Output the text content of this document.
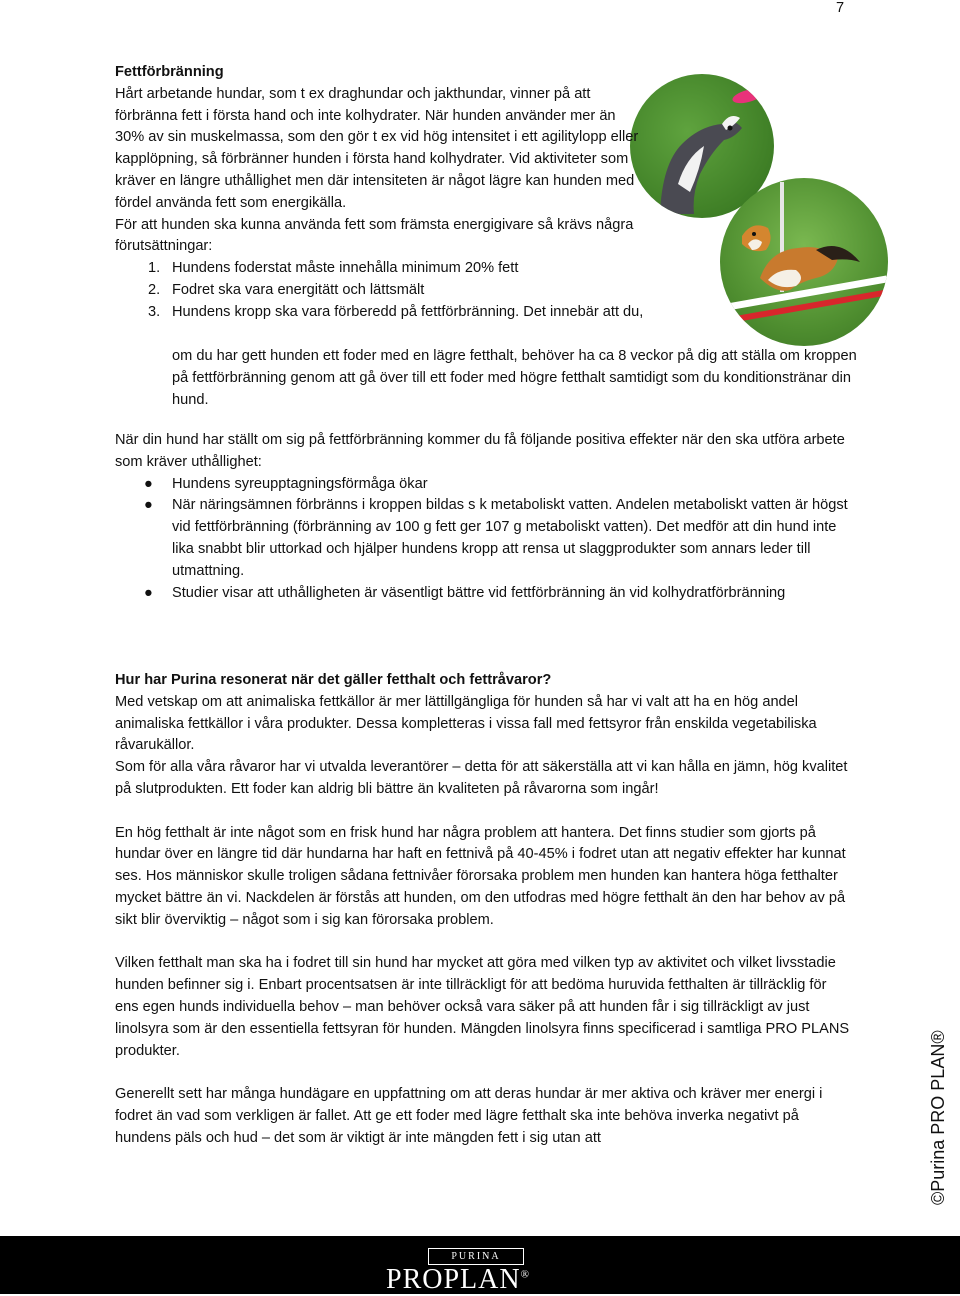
7
Fettförbränning

Hårt arbetande hundar, som t ex draghundar och jakthundar, vinner på att förbränna fett i första hand och inte kolhydrater. När hunden använder mer än 30% av sin muskelmassa, som den gör t ex vid hög intensitet i ett agilitylopp eller kapplöpning, så förbränner hunden i första hand kolhydrater. Vid aktiviteter som kräver en längre uthållighet men där intensiteten är något lägre kan hunden med fördel använda fett som energikälla.

För att hunden ska kunna använda fett som främsta energigivare så krävs några förutsättningar:

1. Hundens foderstat måste innehålla minimum 20% fett
2. Fodret ska vara energitätt och lättsmält
3. Hundens kropp ska vara förberedd på fettförbränning. Det innebär att du,

om du har gett hunden ett foder med en lägre fetthalt, behöver ha ca 8 veckor på dig att ställa om kroppen på fettförbränning genom att gå över till ett foder med högre fetthalt samtidigt som du konditionstränar din hund.

När din hund har ställt om sig på fettförbränning kommer du få följande positiva effekter när den ska utföra arbete som kräver uthållighet:

● Hundens syreupptagningsförmåga ökar
● När näringsämnen förbränns i kroppen bildas s k metaboliskt vatten. Andelen metaboliskt vatten är högst vid fettförbränning (förbränning av 100 g fett ger 107 g metaboliskt vatten). Det medför att din hund inte lika snabbt blir uttorkad och hjälper hundens kropp att rensa ut slaggprodukter som annars leder till utmattning.
● Studier visar att uthålligheten är väsentligt bättre vid fettförbränning än vid kolhydratförbränning
Hur har Purina resonerat när det gäller fetthalt och fettråvaror?

Med vetskap om att animaliska fettkällor är mer lättillgängliga för hunden så har vi valt att ha en hög andel animaliska fettkällor i våra produkter. Dessa kompletteras i vissa fall med fettsyror från enskilda vegetabiliska råvarukällor.

Som för alla våra råvaror har vi utvalda leverantörer – detta för att säkerställa att vi kan hålla en jämn, hög kvalitet på slutprodukten. Ett foder kan aldrig bli bättre än kvaliteten på råvarorna som ingår!

En hög fetthalt är inte något som en frisk hund har några problem att hantera. Det finns studier som gjorts på hundar över en längre tid där hundarna har haft en fettnivå på 40-45% i fodret utan att negativ effekter har kunnat ses. Hos människor skulle troligen sådana fettnivåer förorsaka problem men hunden kan hantera höga fetthalter mycket bättre än vi. Nackdelen är förstås att hunden, om den utfodras med högre fetthalt än den har behov av på sikt blir överviktig – något som i sig kan förorsaka problem.

Vilken fetthalt man ska ha i fodret till sin hund har mycket att göra med vilken typ av aktivitet och vilket livsstadie hunden befinner sig i. Enbart procentsatsen är inte tillräckligt för att bedöma huruvida fetthalten är tillräcklig för ens egen hunds individuella behov – man behöver också vara säker på att hunden får i sig tillräckligt av just linolsyra som är den essentiella fettsyran för hunden. Mängden linolsyra finns specificerad i samtliga PRO PLANS produkter.

Generellt sett har många hundägare en uppfattning om att deras hundar är mer aktiva och kräver mer energi i fodret än vad som verkligen är fallet. Att ge ett foder med lägre fetthalt ska inte behöva inverka negativt på hundens päls och hud – det som är viktigt är inte mängden fett i sig utan att	©Purina PRO PLAN®
PURINA
PROPLAN®
